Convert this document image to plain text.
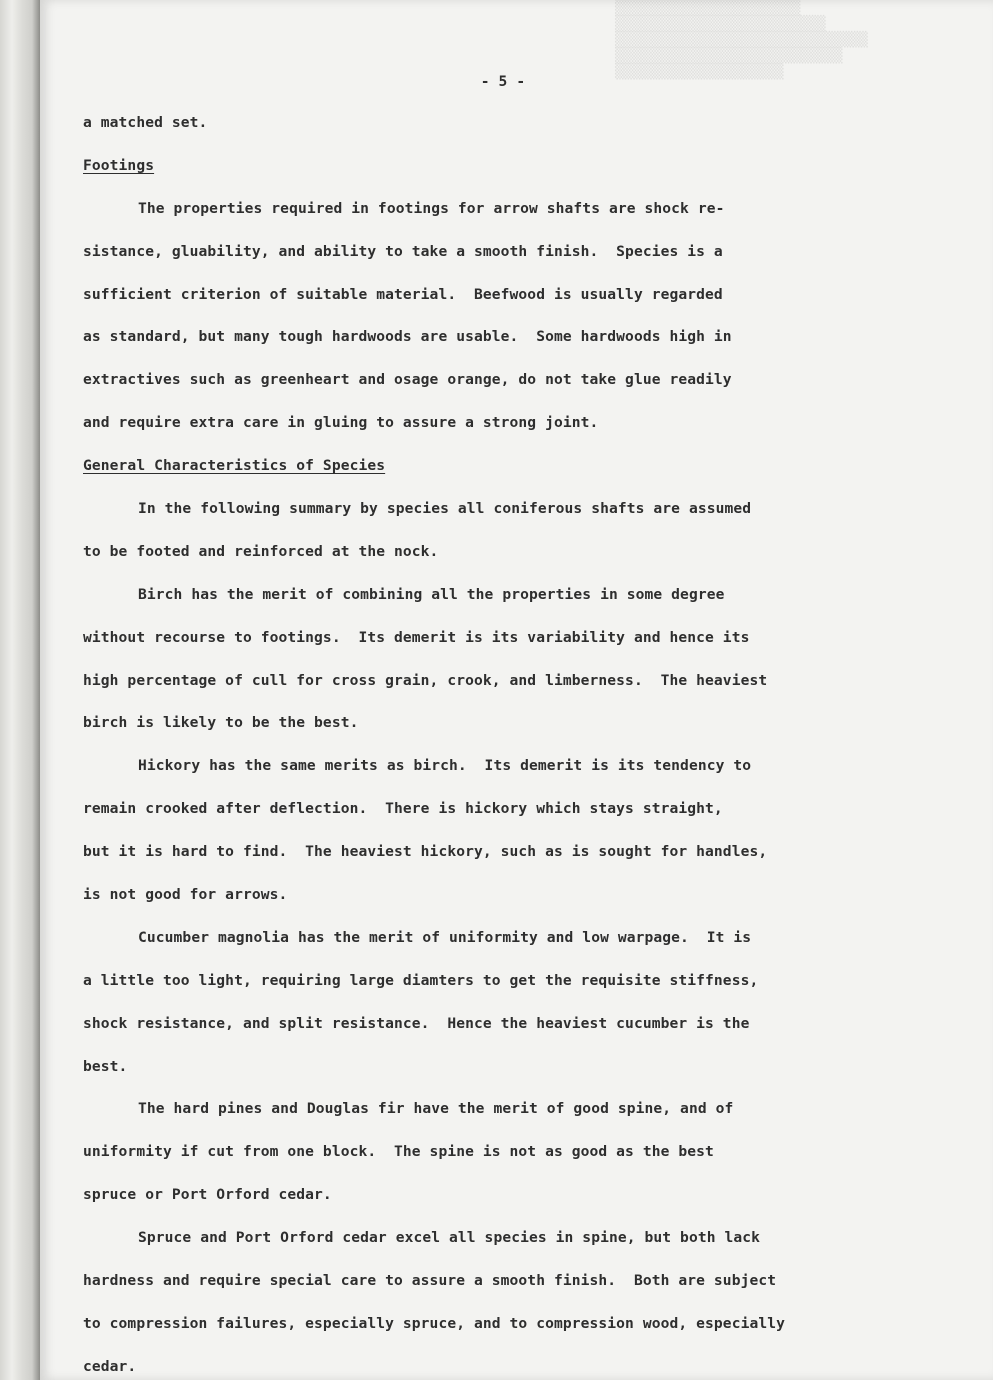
▒▒▒▒▒▒▒▒▒▒▒▒▒▒▒▒▒▒▒▒▒▒
▒▒▒▒▒▒▒▒▒▒▒▒▒▒▒▒▒▒▒▒▒▒▒▒▒
▒▒▒▒▒▒▒▒▒▒▒▒▒▒▒▒▒▒▒▒▒▒▒▒▒▒▒▒▒▒
▒▒▒▒▒▒▒▒▒▒▒▒▒▒▒▒▒▒▒▒▒▒▒▒▒▒▒
▒▒▒▒▒▒▒▒▒▒▒▒▒▒▒▒▒▒▒▒
- 5 -
a matched set.
Footings
The properties required in footings for arrow shafts are shock re-
sistance, gluability, and ability to take a smooth finish.  Species is a
sufficient criterion of suitable material.  Beefwood is usually regarded
as standard, but many tough hardwoods are usable.  Some hardwoods high in
extractives such as greenheart and osage orange, do not take glue readily
and require extra care in gluing to assure a strong joint.
General Characteristics of Species
In the following summary by species all coniferous shafts are assumed
to be footed and reinforced at the nock.
Birch has the merit of combining all the properties in some degree
without recourse to footings.  Its demerit is its variability and hence its
high percentage of cull for cross grain, crook, and limberness.  The heaviest
birch is likely to be the best.
Hickory has the same merits as birch.  Its demerit is its tendency to
remain crooked after deflection.  There is hickory which stays straight,
but it is hard to find.  The heaviest hickory, such as is sought for handles,
is not good for arrows.
Cucumber magnolia has the merit of uniformity and low warpage.  It is
a little too light, requiring large diamters to get the requisite stiffness,
shock resistance, and split resistance.  Hence the heaviest cucumber is the
best.
The hard pines and Douglas fir have the merit of good spine, and of
uniformity if cut from one block.  The spine is not as good as the best
spruce or Port Orford cedar.
Spruce and Port Orford cedar excel all species in spine, but both lack
hardness and require special care to assure a smooth finish.  Both are subject
to compression failures, especially spruce, and to compression wood, especially
cedar.
